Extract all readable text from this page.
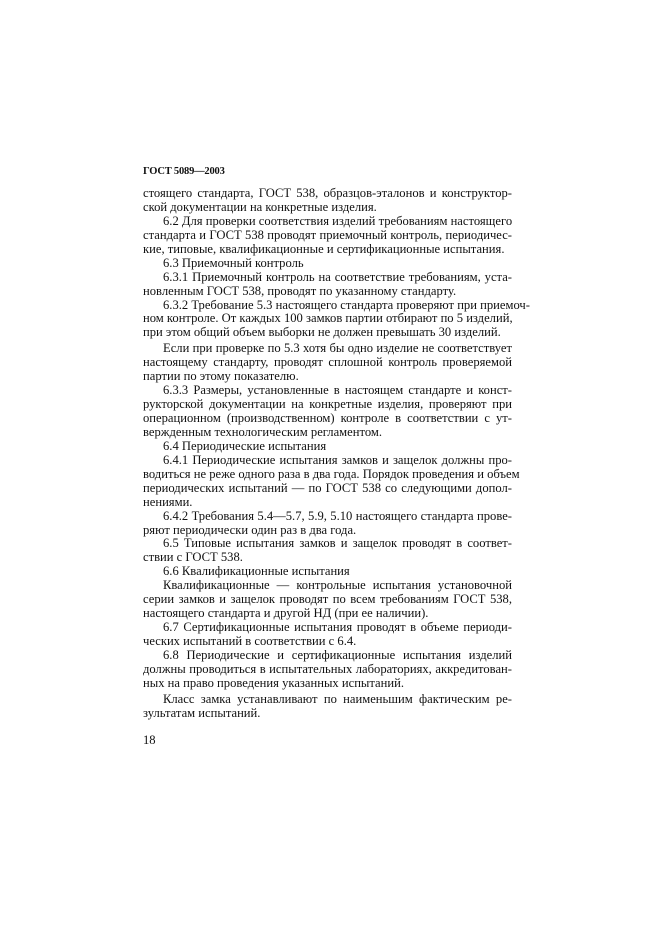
ГОСТ 5089—2003
стоящего стандарта, ГОСТ 538, образцов-эталонов и конструктор-
ской документации на конкретные изделия.
6.2 Для проверки соответствия изделий требованиям настоящего
стандарта и ГОСТ 538 проводят приемочный контроль, периодичес-
кие, типовые, квалификационные и сертификационные испытания.
6.3 Приемочный контроль
6.3.1 Приемочный контроль на соответствие требованиям, уста-
новленным ГОСТ 538, проводят по указанному стандарту.
6.3.2 Требование 5.3 настоящего стандарта проверяют при приемоч-
ном контроле. От каждых 100 замков партии отбирают по 5 изделий,
при этом общий объем выборки не должен превышать 30 изделий.
Если при проверке по 5.3 хотя бы одно изделие не соответствует
настоящему стандарту, проводят сплошной контроль проверяемой
партии по этому показателю.
6.3.3 Размеры, установленные в настоящем стандарте и конст-
рукторской документации на конкретные изделия, проверяют при
операционном (производственном) контроле в соответствии с ут-
вержденным технологическим регламентом.
6.4 Периодические испытания
6.4.1 Периодические испытания замков и защелок должны про-
водиться не реже одного раза в два года. Порядок проведения и объем
периодических испытаний — по ГОСТ 538 со следующими допол-
нениями.
6.4.2 Требования 5.4—5.7, 5.9, 5.10 настоящего стандарта прове-
ряют периодически один раз в два года.
6.5 Типовые испытания замков и защелок проводят в соответ-
ствии с ГОСТ 538.
6.6 Квалификационные испытания
Квалификационные — контрольные испытания установочной
серии замков и защелок проводят по всем требованиям ГОСТ 538,
настоящего стандарта и другой НД (при ее наличии).
6.7 Сертификационные испытания проводят в объеме периоди-
ческих испытаний в соответствии с 6.4.
6.8 Периодические и сертификационные испытания изделий
должны проводиться в испытательных лабораториях, аккредитован-
ных на право проведения указанных испытаний.
Класс замка устанавливают по наименьшим фактическим ре-
зультатам испытаний.
18
